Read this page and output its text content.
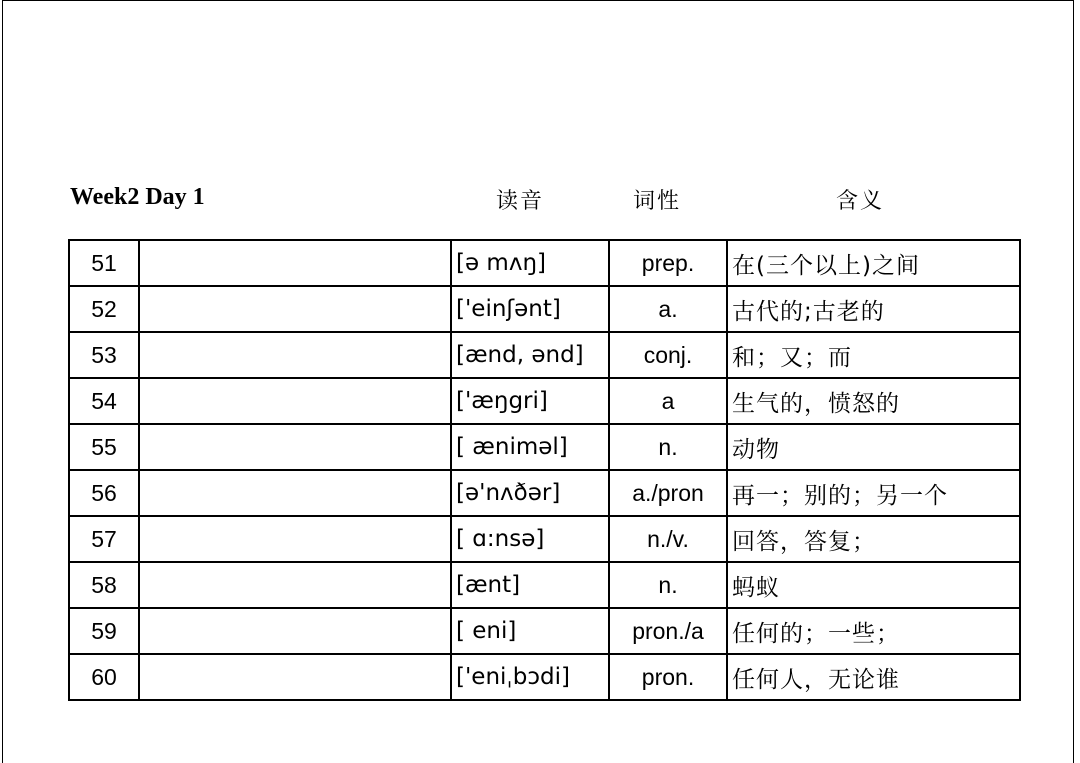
Week2 Day 1	读音	词性	含义
51		[ə mʌŋ]	prep.	在(三个以上)之间
52		['einʃənt]	a.	古代的;古老的
53		[ænd, ənd]	conj.	和；又；而
54		['æŋgri]	a	生气的，愤怒的
55		[ ænimәl]	n.	动物
56		[ə'nʌðər]	a./pron	再一；别的；另一个
57		[ ɑ:nsə]	n./v.	回答，答复；
58		[ænt]	n.	蚂蚁
59		[ eni]	pron./a	任何的；一些；
60		['eniˌbɔdi]	pron.	任何人，无论谁
